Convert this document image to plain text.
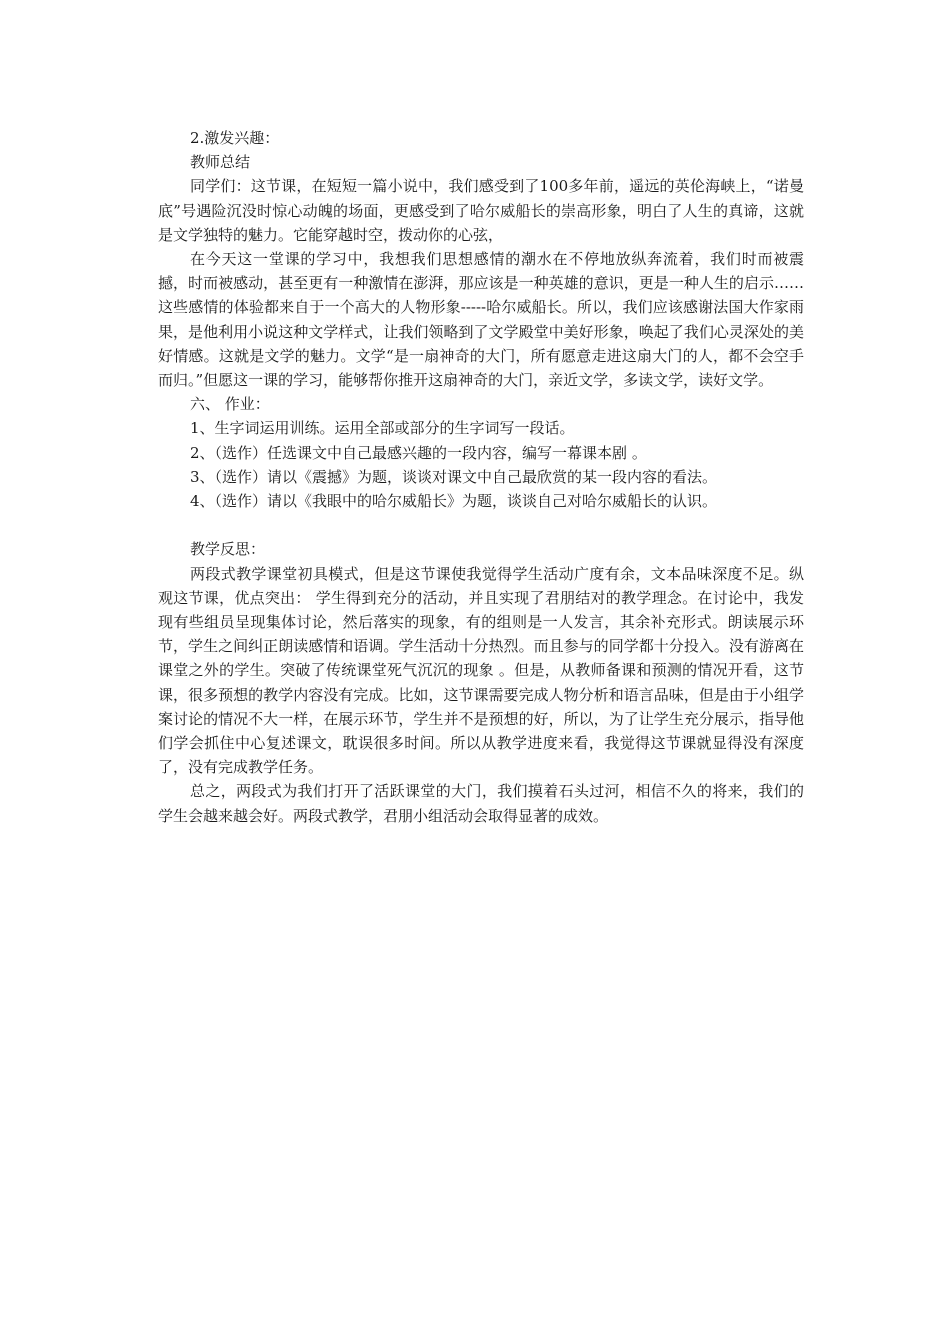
2.激发兴趣：

教师总结

同学们：这节课，在短短一篇小说中，我们感受到了100多年前，遥远的英伦海峡上，“诺曼底”号遇险沉没时惊心动魄的场面，更感受到了哈尔威船长的崇高形象，明白了人生的真谛，这就是文学独特的魅力。它能穿越时空，拨动你的心弦，

在今天这一堂课的学习中，我想我们思想感情的潮水在不停地放纵奔流着，我们时而被震撼，时而被感动，甚至更有一种激情在澎湃，那应该是一种英雄的意识，更是一种人生的启示……这些感情的体验都来自于一个高大的人物形象-----哈尔威船长。所以，我们应该感谢法国大作家雨果，是他利用小说这种文学样式，让我们领略到了文学殿堂中美好形象，唤起了我们心灵深处的美好情感。这就是文学的魅力。文学“是一扇神奇的大门，所有愿意走进这扇大门的人，都不会空手而归。”但愿这一课的学习，能够帮你推开这扇神奇的大门，亲近文学，多读文学，读好文学。

六、 作业：

1、生字词运用训练。运用全部或部分的生字词写一段话。

2、（选作）任选课文中自己最感兴趣的一段内容，编写一幕课本剧 。

3、（选作）请以《震撼》为题，谈谈对课文中自己最欣赏的某一段内容的看法。

4、（选作）请以《我眼中的哈尔威船长》为题，谈谈自己对哈尔威船长的认识。

教学反思：

两段式教学课堂初具模式，但是这节课使我觉得学生活动广度有余，文本品味深度不足。纵观这节课，优点突出： 学生得到充分的活动，并且实现了君朋结对的教学理念。在讨论中，我发现有些组员呈现集体讨论，然后落实的现象，有的组则是一人发言，其余补充形式。朗读展示环节，学生之间纠正朗读感情和语调。学生活动十分热烈。而且参与的同学都十分投入。没有游离在课堂之外的学生。突破了传统课堂死气沉沉的现象 。但是，从教师备课和预测的情况开看，这节课，很多预想的教学内容没有完成。比如，这节课需要完成人物分析和语言品味，但是由于小组学案讨论的情况不大一样，在展示环节，学生并不是预想的好，所以，为了让学生充分展示，指导他们学会抓住中心复述课文，耽误很多时间。所以从教学进度来看，我觉得这节课就显得没有深度了，没有完成教学任务。

总之，两段式为我们打开了活跃课堂的大门，我们摸着石头过河，相信不久的将来，我们的学生会越来越会好。两段式教学，君朋小组活动会取得显著的成效。
